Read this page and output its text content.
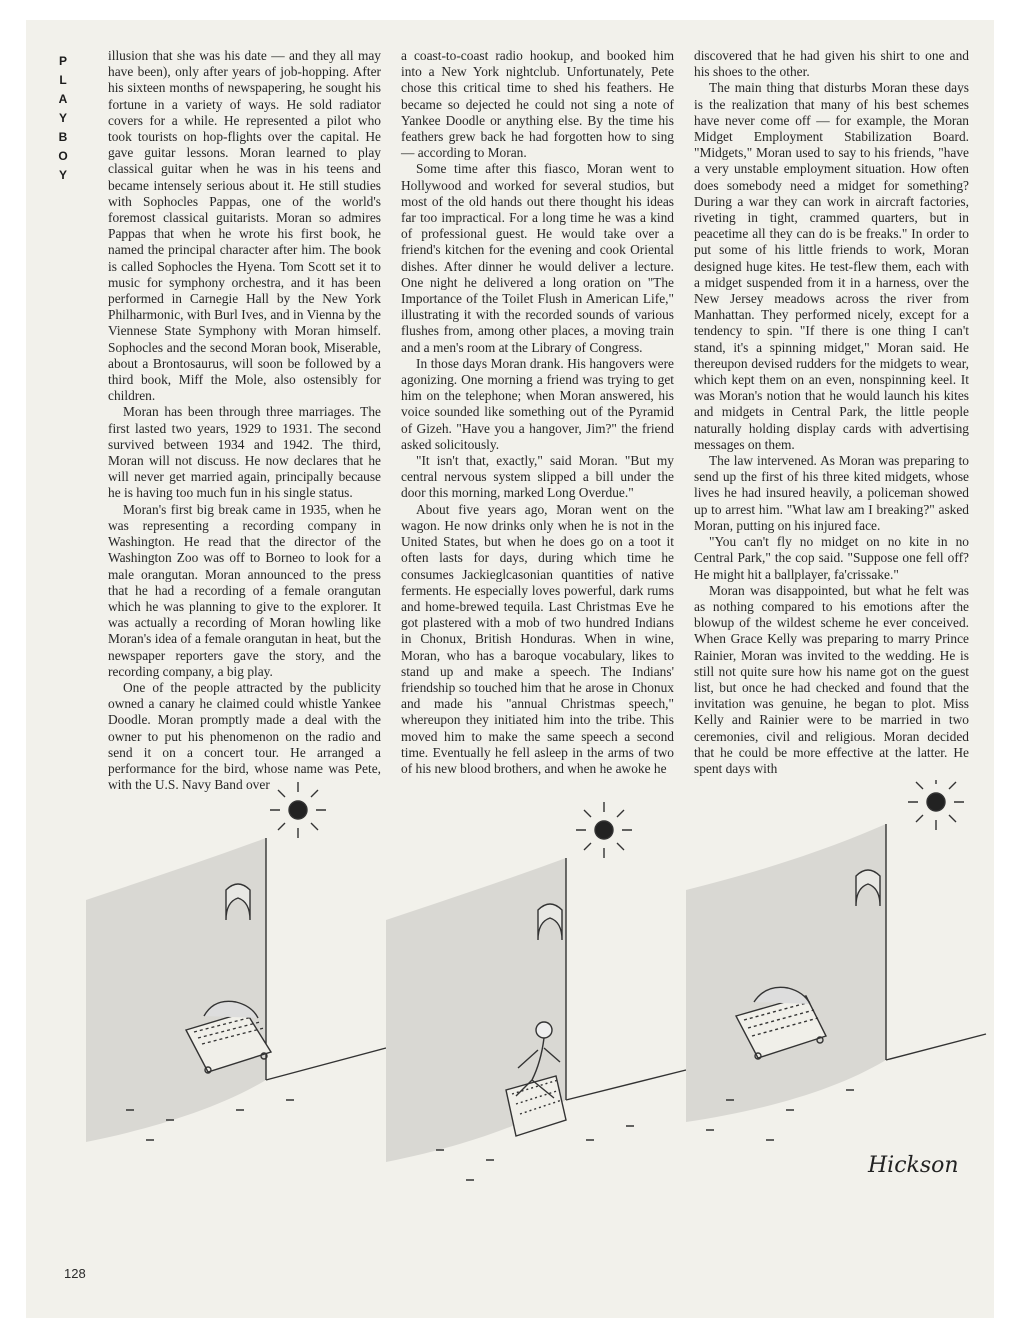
PLAYBOY

illusion that she was his date — and they all may have been), only after years of job-hopping. After his sixteen months of newspapering, he sought his fortune in a variety of ways. He sold radiator covers for a while. He represented a pilot who took tourists on hop-flights over the capital. He gave guitar lessons. Moran learned to play classical guitar when he was in his teens and became intensely serious about it. He still studies with Sophocles Pappas, one of the world's foremost classical guitarists. Moran so admires Pappas that when he wrote his first book, he named the principal character after him. The book is called Sophocles the Hyena. Tom Scott set it to music for symphony orchestra, and it has been performed in Carnegie Hall by the New York Philharmonic, with Burl Ives, and in Vienna by the Viennese State Symphony with Moran himself. Sophocles and the second Moran book, Miserable, about a Brontosaurus, will soon be followed by a third book, Miff the Mole, also ostensibly for children.

Moran has been through three marriages. The first lasted two years, 1929 to 1931. The second survived between 1934 and 1942. The third, Moran will not discuss. He now declares that he will never get married again, principally because he is having too much fun in his single status.

Moran's first big break came in 1935, when he was representing a recording company in Washington. He read that the director of the Washington Zoo was off to Borneo to look for a male orangutan. Moran announced to the press that he had a recording of a female orangutan which he was planning to give to the explorer. It was actually a recording of Moran howling like Moran's idea of a female orangutan in heat, but the newspaper reporters gave the story, and the recording company, a big play.

One of the people attracted by the publicity owned a canary he claimed could whistle Yankee Doodle. Moran promptly made a deal with the owner to put his phenomenon on the radio and send it on a concert tour. He arranged a performance for the bird, whose name was Pete, with the U.S. Navy Band over

a coast-to-coast radio hookup, and booked him into a New York nightclub. Unfortunately, Pete chose this critical time to shed his feathers. He became so dejected he could not sing a note of Yankee Doodle or anything else. By the time his feathers grew back he had forgotten how to sing — according to Moran.

Some time after this fiasco, Moran went to Hollywood and worked for several studios, but most of the old hands out there thought his ideas far too impractical. For a long time he was a kind of professional guest. He would take over a friend's kitchen for the evening and cook Oriental dishes. After dinner he would deliver a lecture. One night he delivered a long oration on "The Importance of the Toilet Flush in American Life," illustrating it with the recorded sounds of various flushes from, among other places, a moving train and a men's room at the Library of Congress.

In those days Moran drank. His hangovers were agonizing. One morning a friend was trying to get him on the telephone; when Moran answered, his voice sounded like something out of the Pyramid of Gizeh. "Have you a hangover, Jim?" the friend asked solicitously.

"It isn't that, exactly," said Moran. "But my central nervous system slipped a bill under the door this morning, marked Long Overdue."

About five years ago, Moran went on the wagon. He now drinks only when he is not in the United States, but when he does go on a toot it often lasts for days, during which time he consumes Jackieglcasonian quantities of native ferments. He especially loves powerful, dark rums and home-brewed tequila. Last Christmas Eve he got plastered with a mob of two hundred Indians in Chonux, British Honduras. When in wine, Moran, who has a baroque vocabulary, likes to stand up and make a speech. The Indians' friendship so touched him that he arose in Chonux and made his "annual Christmas speech," whereupon they initiated him into the tribe. This moved him to make the same speech a second time. Eventually he fell asleep in the arms of two of his new blood brothers, and when he awoke he

discovered that he had given his shirt to one and his shoes to the other.

The main thing that disturbs Moran these days is the realization that many of his best schemes have never come off — for example, the Moran Midget Employment Stabilization Board. "Midgets," Moran used to say to his friends, "have a very unstable employment situation. How often does somebody need a midget for something? During a war they can work in aircraft factories, riveting in tight, crammed quarters, but in peacetime all they can do is be freaks." In order to put some of his little friends to work, Moran designed huge kites. He test-flew them, each with a midget suspended from it in a harness, over the New Jersey meadows across the river from Manhattan. They performed nicely, except for a tendency to spin. "If there is one thing I can't stand, it's a spinning midget," Moran said. He thereupon devised rudders for the midgets to wear, which kept them on an even, nonspinning keel. It was Moran's notion that he would launch his kites and midgets in Central Park, the little people naturally holding display cards with advertising messages on them.

The law intervened. As Moran was preparing to send up the first of his three kited midgets, whose lives he had insured heavily, a policeman showed up to arrest him. "What law am I breaking?" asked Moran, putting on his injured face.

"You can't fly no midget on no kite in no Central Park," the cop said. "Suppose one fell off? He might hit a ballplayer, fa'crissake."

Moran was disappointed, but what he felt was as nothing compared to his emotions after the blowup of the wildest scheme he ever conceived. When Grace Kelly was preparing to marry Prince Rainier, Moran was invited to the wedding. He is still not quite sure how his name got on the guest list, but once he had checked and found that the invitation was genuine, he began to plot. Miss Kelly and Rainier were to be married in two ceremonies, civil and religious. Moran decided that he could be more effective at the latter. He spent days with

Hickson
128
